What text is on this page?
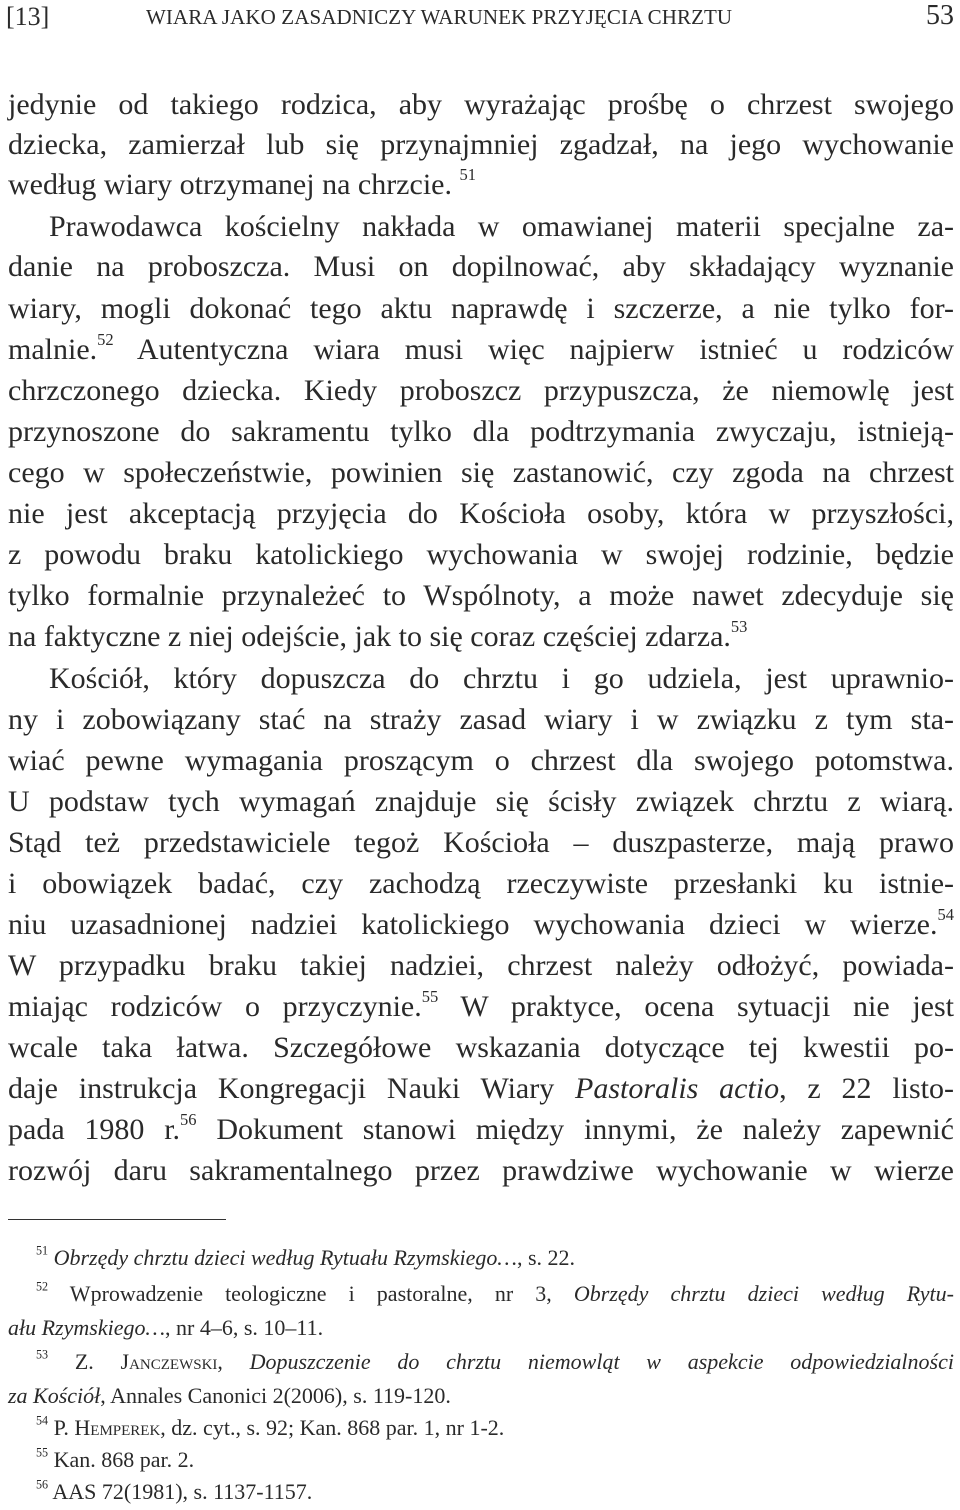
[13]	WIARA JAKO ZASADNICZY WARUNEK PRZYJĘCIA CHRZTU	53
jedynie od takiego rodzica, aby wyrażając prośbę o chrzest swojego
dziecka, zamierzał lub się przynajmniej zgadzał, na jego wychowanie
według wiary otrzymanej na chrzcie. $^{51}$
Prawodawca kościelny nakłada w omawianej materii specjalne za-
danie na proboszcza. Musi on dopilnować, aby składający wyznanie
wiary, mogli dokonać tego aktu naprawdę i szczerze, a nie tylko for-
malnie.$^{52}$ Autentyczna wiara musi więc najpierw istnieć u rodziców
chrzczonego dziecka. Kiedy proboszcz przypuszcza, że niemowlę jest
przynoszone do sakramentu tylko dla podtrzymania zwyczaju, istnieją-
cego w społeczeństwie, powinien się zastanowić, czy zgoda na chrzest
nie jest akceptacją przyjęcia do Kościoła osoby, która w przyszłości,
z powodu braku katolickiego wychowania w swojej rodzinie, będzie
tylko formalnie przynależeć to Wspólnoty, a może nawet zdecyduje się
na faktyczne z niej odejście, jak to się coraz częściej zdarza.$^{53}$
Kościół, który dopuszcza do chrztu i go udziela, jest uprawnio-
ny i zobowiązany stać na straży zasad wiary i w związku z tym sta-
wiać pewne wymagania proszącym o chrzest dla swojego potomstwa.
U podstaw tych wymagań znajduje się ścisły związek chrztu z wiarą.
Stąd też przedstawiciele tegoż Kościoła – duszpasterze, mają prawo
i obowiązek badać, czy zachodzą rzeczywiste przesłanki ku istnie-
niu uzasadnionej nadziei katolickiego wychowania dzieci w wierze.$^{54}$
W przypadku braku takiej nadziei, chrzest należy odłożyć, powiada-
miając rodziców o przyczynie.$^{55}$ W praktyce, ocena sytuacji nie jest
wcale taka łatwa. Szczegółowe wskazania dotyczące tej kwestii po-
daje instrukcja Kongregacji Nauki Wiary Pastoralis actio, z 22 listo-
pada 1980 r.$^{56}$ Dokument stanowi między innymi, że należy zapewnić
rozwój daru sakramentalnego przez prawdziwe wychowanie w wierze
$^{51}$ Obrzędy chrztu dzieci według Rytuału Rzymskiego…, s. 22.
$^{52}$ Wprowadzenie teologiczne i pastoralne, nr 3, Obrzędy chrztu dzieci według Rytu-
ału Rzymskiego…, nr 4–6, s. 10–11.
$^{53}$ Z. Janczewski, Dopuszczenie do chrztu niemowląt w aspekcie odpowiedzialności
za Kościół, Annales Canonici 2(2006), s. 119-120.
$^{54}$ P. Hemperek, dz. cyt., s. 92; Kan. 868 par. 1, nr 1-2.
$^{55}$ Kan. 868 par. 2.
$^{56}$ AAS 72(1981), s. 1137-1157.
